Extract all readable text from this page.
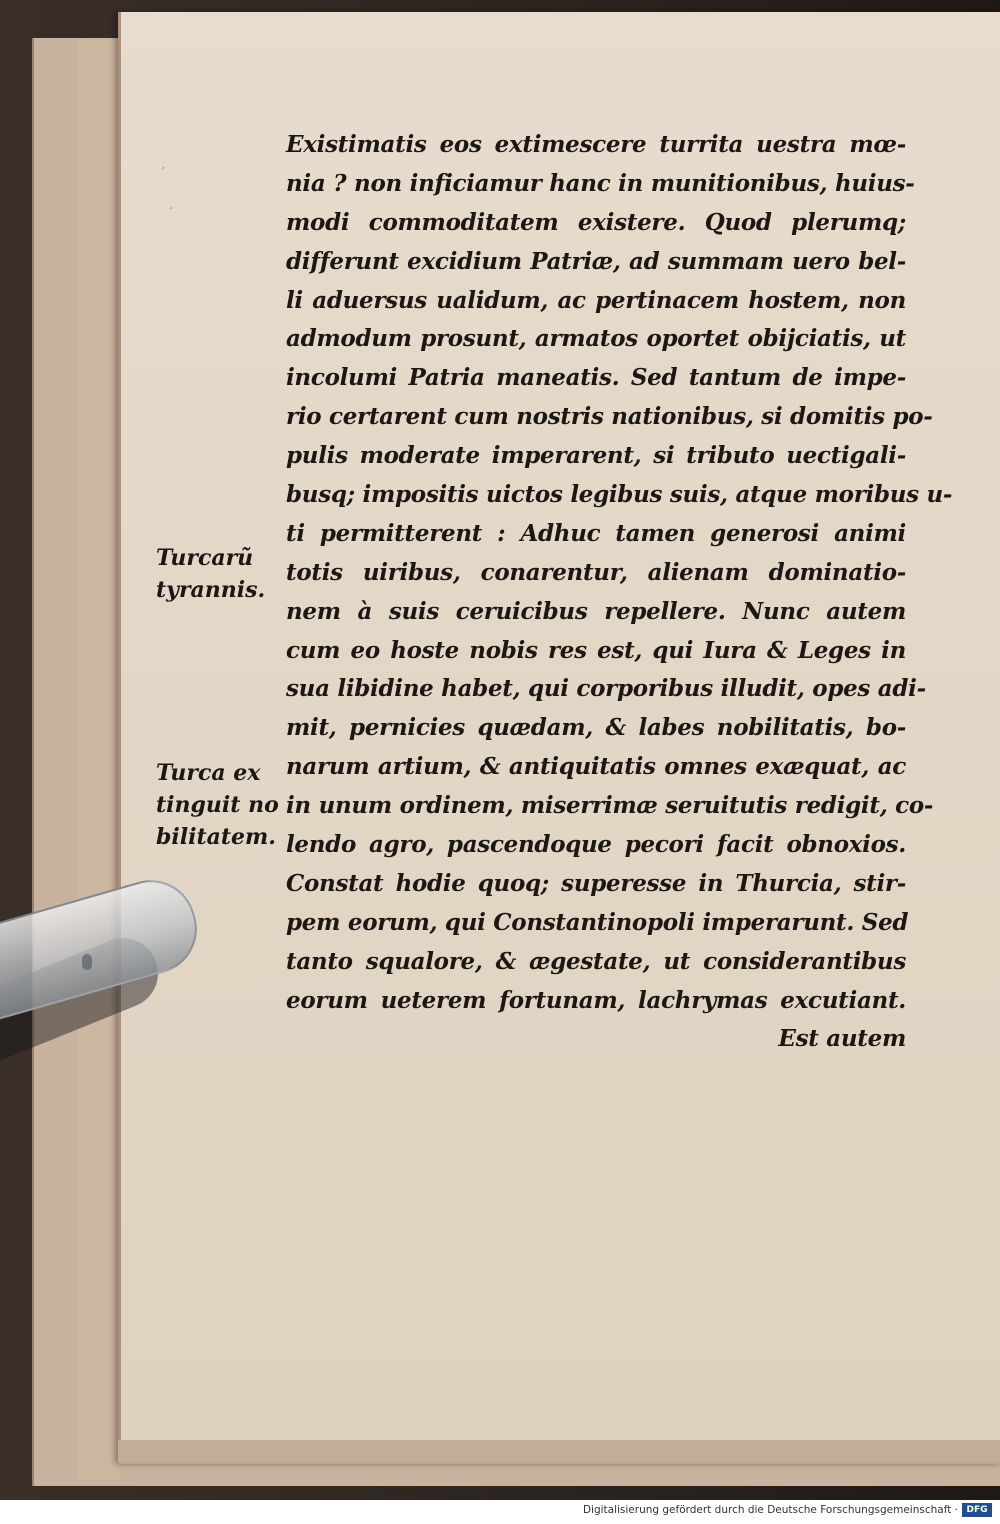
.
.
Existimatis eos extimescere turrita uestra mœ-
nia ? non inficiamur hanc in munitionibus, huius-
modi commoditatem existere. Quod plerumq;
differunt excidium Patriæ, ad summam uero bel-
li aduersus ualidum, ac pertinacem hostem, non
admodum prosunt, armatos oportet obijciatis, ut
incolumi Patria maneatis. Sed tantum de impe-
rio certarent cum nostris nationibus, si domitis po-
pulis moderate imperarent, si tributo uectigali-
busq; impositis uictos legibus suis, atque moribus u-
ti permitterent : Adhuc tamen generosi animi
totis uiribus, conarentur, alienam dominatio-
nem à suis ceruicibus repellere. Nunc autem
cum eo hoste nobis res est, qui Iura & Leges in
sua libidine habet, qui corporibus illudit, opes adi-
mit, pernicies quædam, & labes nobilitatis, bo-
narum artium, & antiquitatis omnes exæquat, ac
in unum ordinem, miserrimæ seruitutis redigit, co-
lendo agro, pascendoque pecori facit obnoxios.
Constat hodie quoq; superesse in Thurcia, stir-
pem eorum, qui Constantinopoli imperarunt. Sed
tanto squalore, & ægestate, ut considerantibus
eorum ueterem fortunam, lachrymas excutiant.
Est autem
Turcarũ
tyrannis.
Turca ex
tinguit no
bilitatem.
Digitalisierung gefördert durch die Deutsche Forschungsgemeinschaft · DFG
